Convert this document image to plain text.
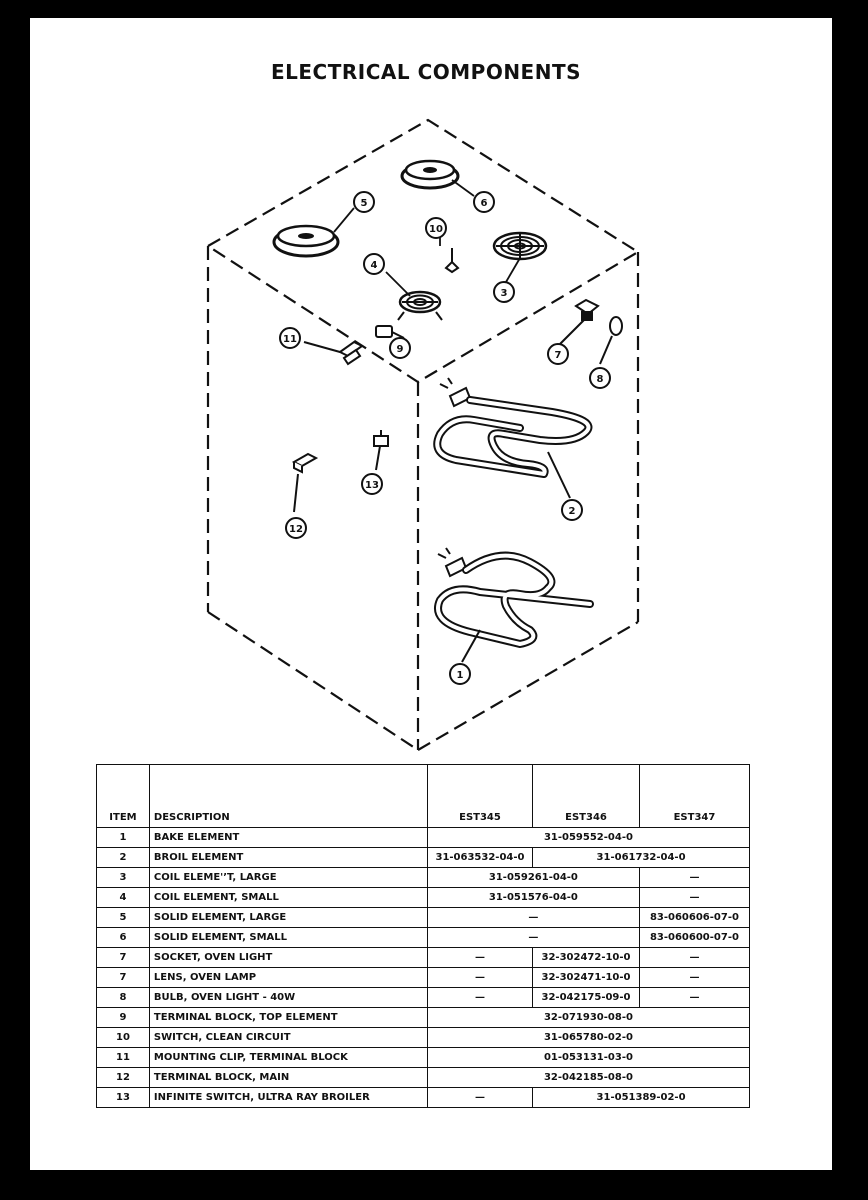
ELECTRICAL COMPONENTS
1
2
3
4
5	6
7
8
9
10
11
12
13
ITEM	DESCRIPTION	EST345	EST346	EST347
1	BAKE ELEMENT	31-059552-04-0		
2	BROIL ELEMENT	31-063532-04-0	31-061732-04-0	
3	COIL ELEME'ʼT, LARGE	31-059261-04-0		—
4	COIL ELEMENT, SMALL	31-051576-04-0		—
5	SOLID ELEMENT, LARGE	—		83-060606-07-0
6	SOLID ELEMENT, SMALL	—		83-060600-07-0
7	SOCKET, OVEN LIGHT	—	32-302472-10-0	—
7	LENS, OVEN LAMP	—	32-302471-10-0	—
8	BULB, OVEN LIGHT - 40W	—	32-042175-09-0	—
9	TERMINAL BLOCK, TOP ELEMENT	32-071930-08-0		
10	SWITCH, CLEAN CIRCUIT	31-065780-02-0		
11	MOUNTING CLIP, TERMINAL BLOCK	01-053131-03-0		
12	TERMINAL BLOCK, MAIN	32-042185-08-0		
13	INFINITE SWITCH, ULTRA RAY BROILER	—	31-051389-02-0	
